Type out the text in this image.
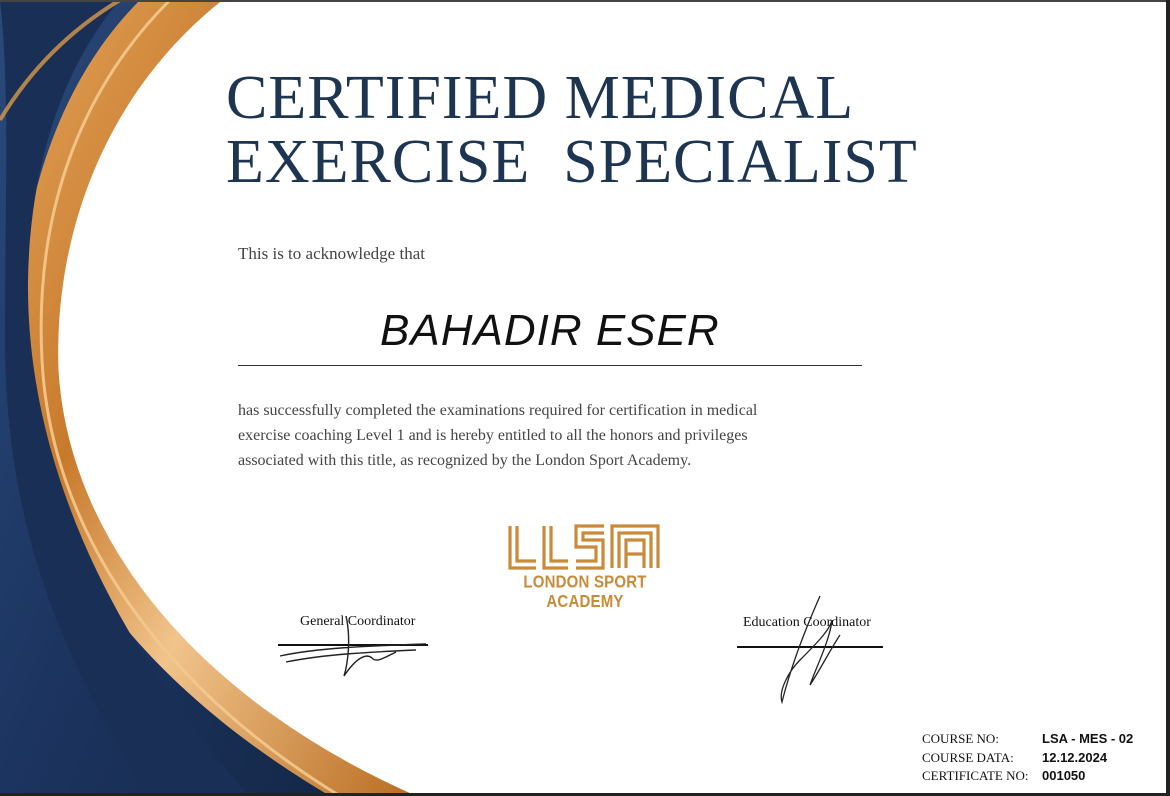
CERTIFIED MEDICAL
EXERCISE  SPECIALIST
This is to acknowledge that
BAHADIR ESER
has successfully completed the examinations required for certification in medical
exercise coaching Level 1 and is hereby entitled to all the honors and privileges
associated with this title, as recognized by the London Sport Academy.
LONDON SPORT ACADEMY
General Coordinator	Education Coordinator
COURSE NO:	LSA - MES - 02
COURSE DATA: 12.12.2024
CERTIFICATE NO: 001050
